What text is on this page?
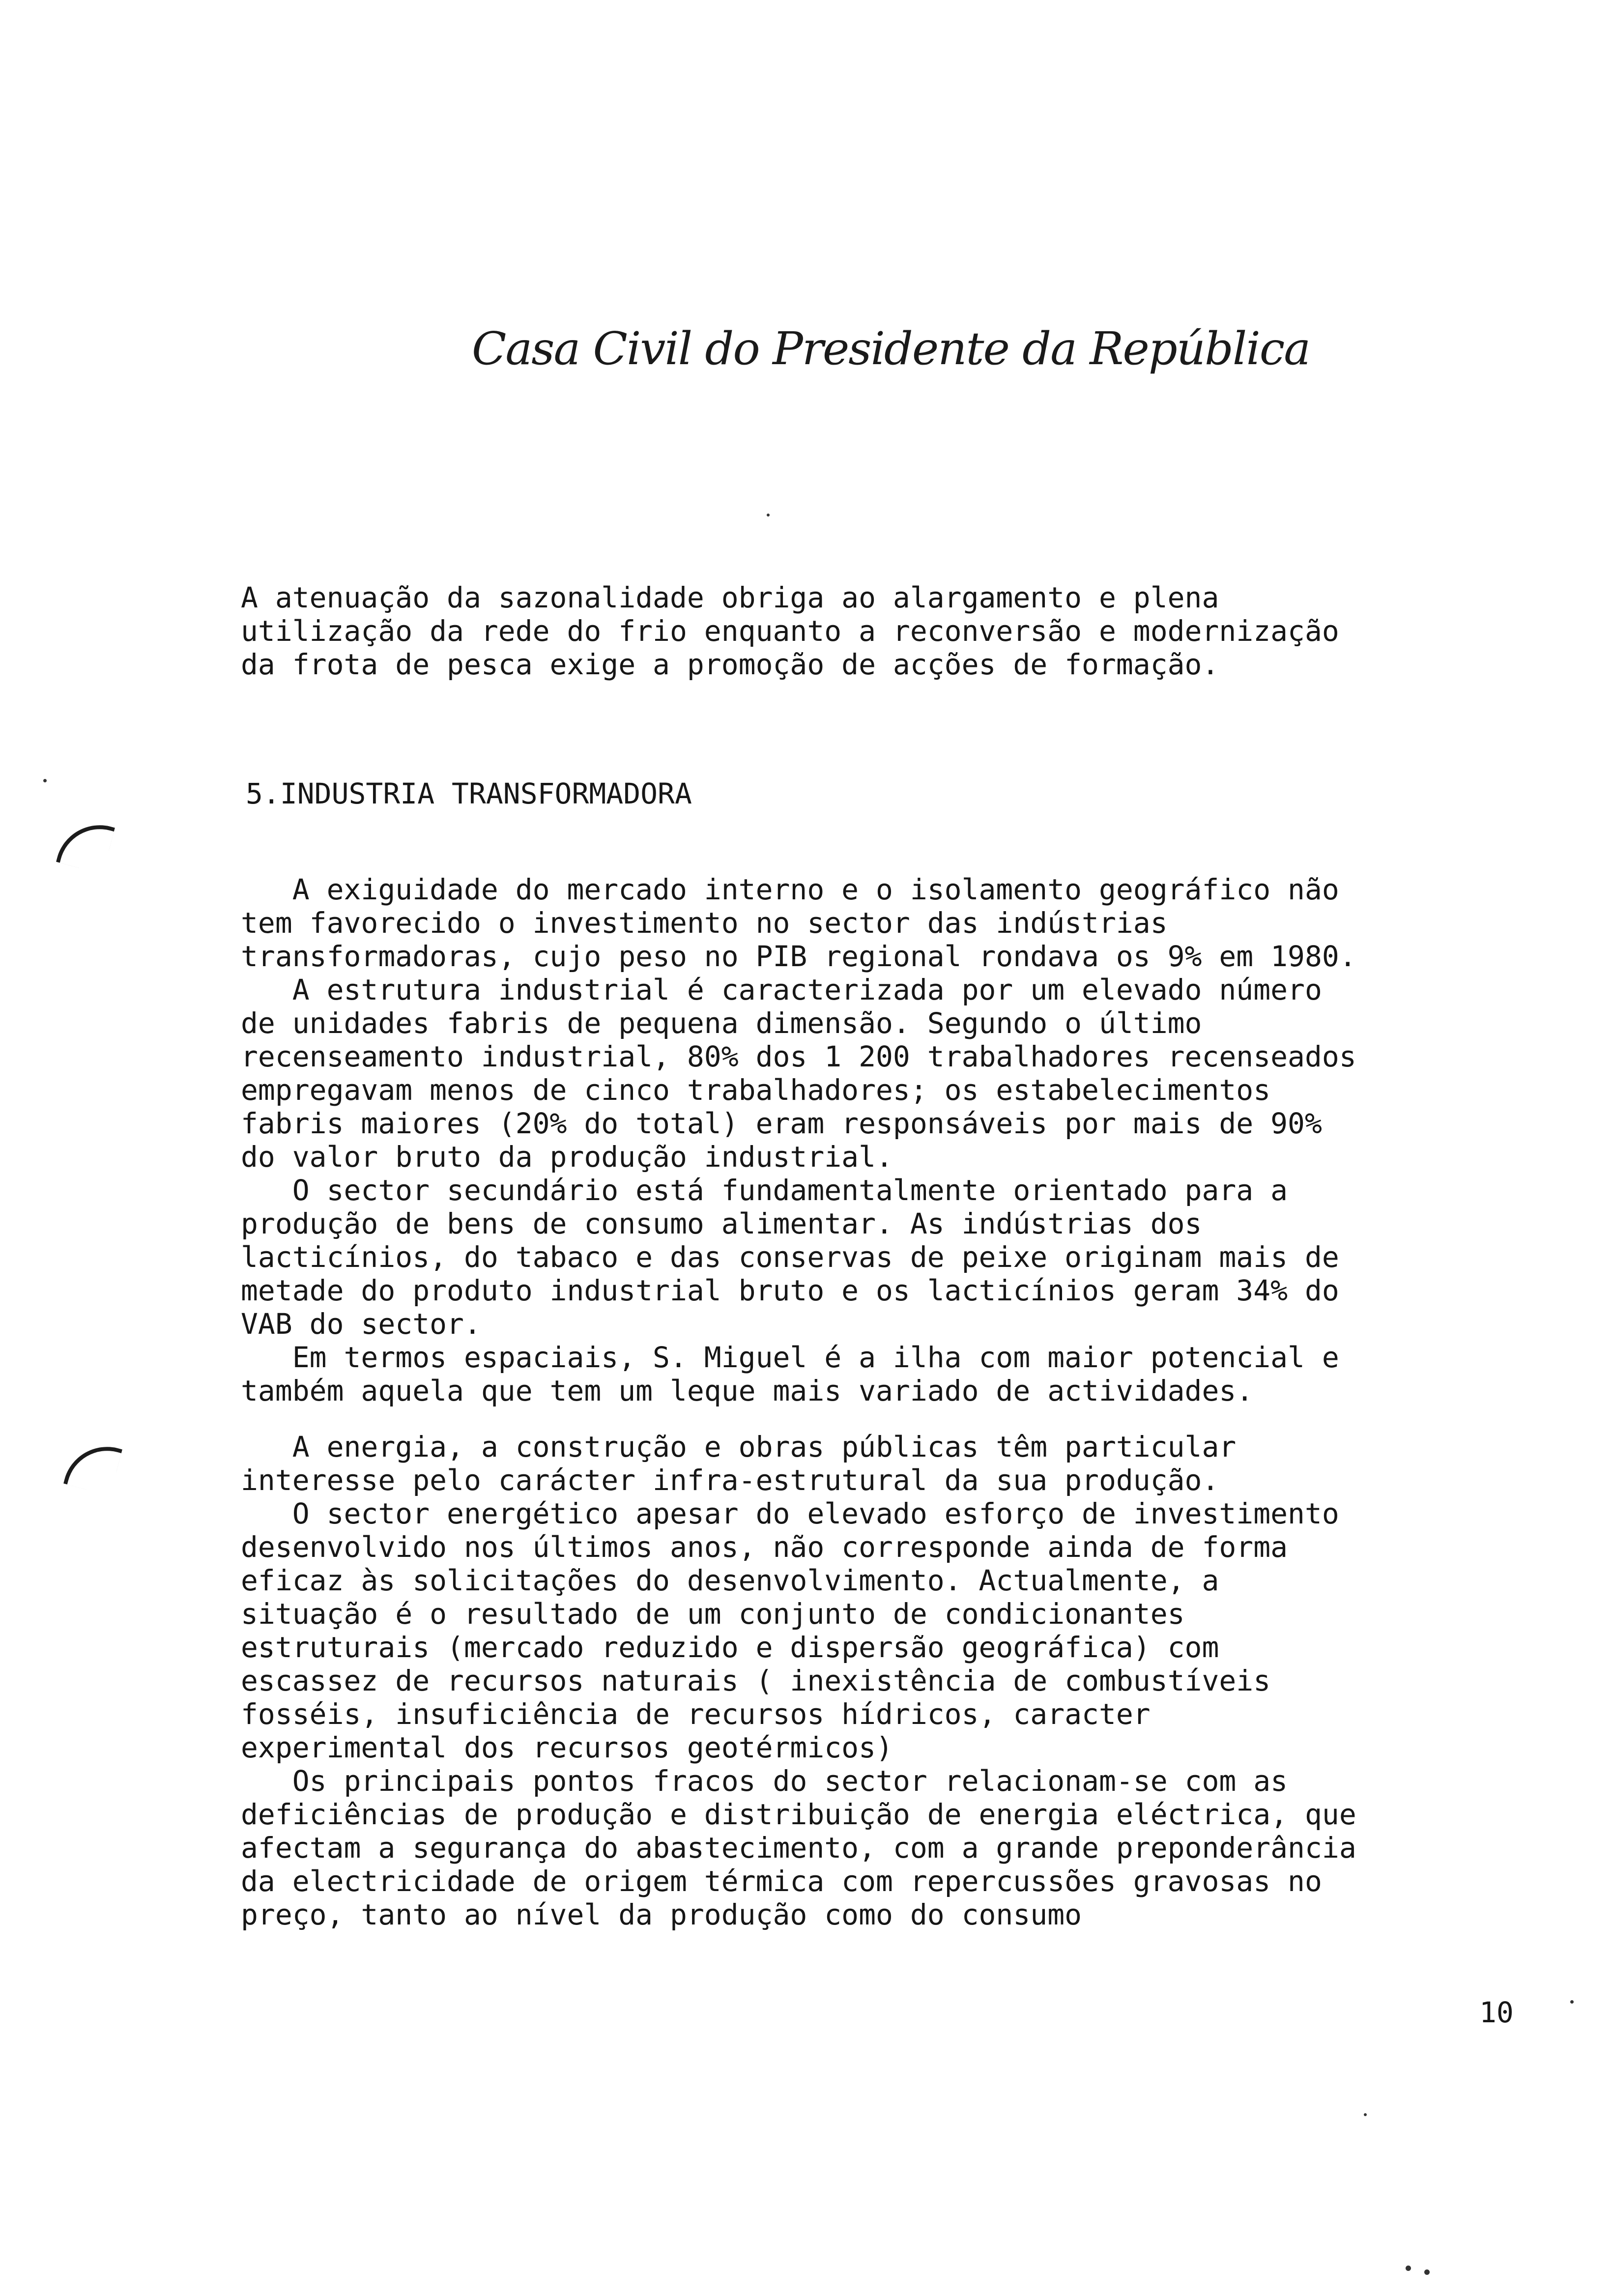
Casa Civil do Presidente da República
A atenuação da sazonalidade obriga ao alargamento e plena
utilização da rede do frio enquanto a reconversão e modernização
da frota de pesca exige a promoção de acções de formação.
5.INDUSTRIA TRANSFORMADORA
A exiguidade do mercado interno e o isolamento geográfico não
tem favorecido o investimento no sector das indústrias
transformadoras, cujo peso no PIB regional rondava os 9% em 1980.
A estrutura industrial é caracterizada por um elevado número
de unidades fabris de pequena dimensão. Segundo o último
recenseamento industrial, 80% dos 1 200 trabalhadores recenseados
empregavam menos de cinco trabalhadores; os estabelecimentos
fabris maiores (20% do total) eram responsáveis por mais de 90%
do valor bruto da produção industrial.
O sector secundário está fundamentalmente orientado para a
produção de bens de consumo alimentar. As indústrias dos
lacticínios, do tabaco e das conservas de peixe originam mais de
metade do produto industrial bruto e os lacticínios geram 34% do
VAB do sector.
Em termos espaciais, S. Miguel é a ilha com maior potencial e
também aquela que tem um leque mais variado de actividades.
A energia, a construção e obras públicas têm particular
interesse pelo carácter infra-estrutural da sua produção.
O sector energético apesar do elevado esforço de investimento
desenvolvido nos últimos anos, não corresponde ainda de forma
eficaz às solicitações do desenvolvimento. Actualmente, a
situação é o resultado de um conjunto de condicionantes
estruturais (mercado reduzido e dispersão geográfica) com
escassez de recursos naturais ( inexistência de combustíveis
fosséis, insuficiência de recursos hídricos, caracter
experimental dos recursos geotérmicos)
Os principais pontos fracos do sector relacionam-se com as
deficiências de produção e distribuição de energia eléctrica, que
afectam a segurança do abastecimento, com a grande preponderância
da electricidade de origem térmica com repercussões gravosas no
preço, tanto ao nível da produção como do consumo
10
